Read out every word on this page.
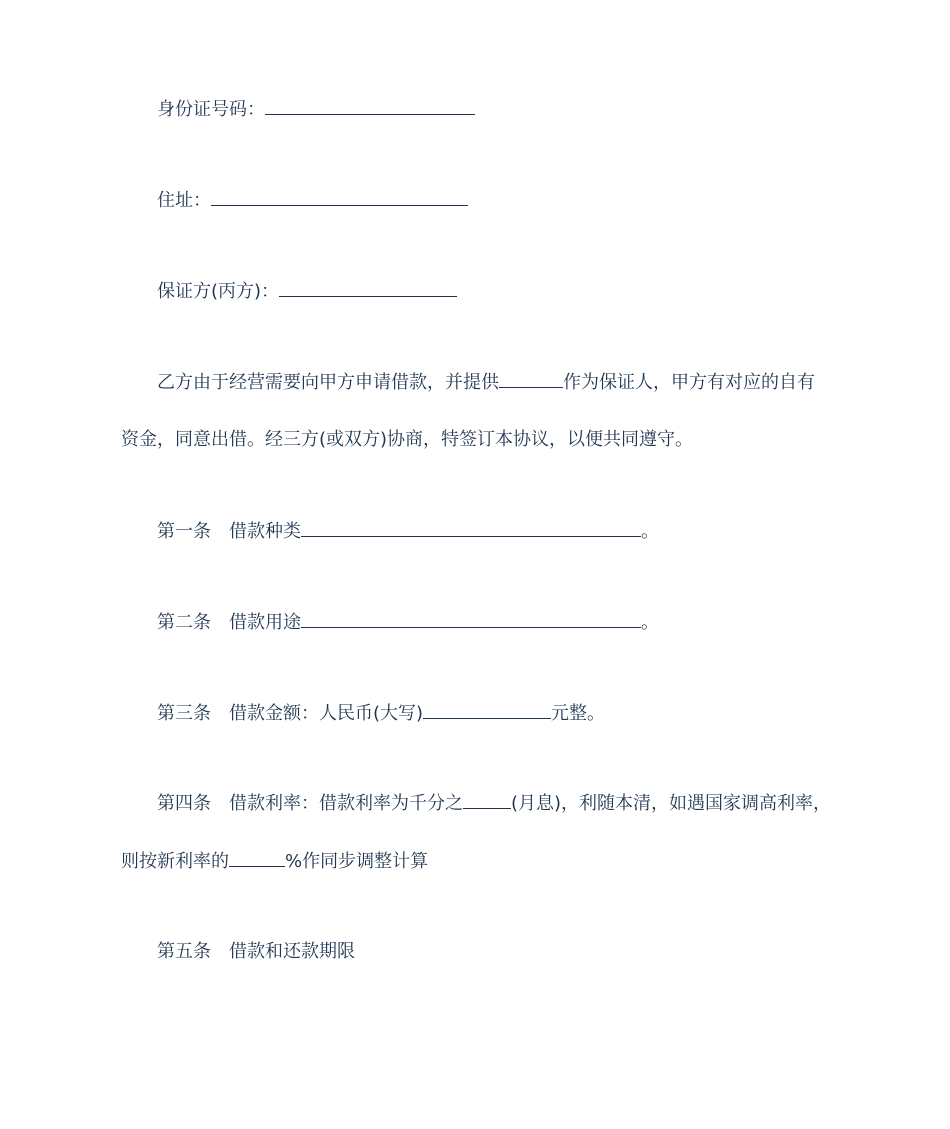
身份证号码：
住址：
保证方(丙方)：
乙方由于经营需要向甲方申请借款，并提供	作为保证人，甲方有对应的自有
资金，同意出借。经三方(或双方)协商，特签订本协议，以便共同遵守。
第一条 借款种类	。
第二条 借款用途	。
第三条 借款金额：人民币(大写)	元整。
第四条 借款利率：借款利率为千分之	(月息)，利随本清，如遇国家调高利率，
则按新利率的	%作同步调整计算
第五条 借款和还款期限
